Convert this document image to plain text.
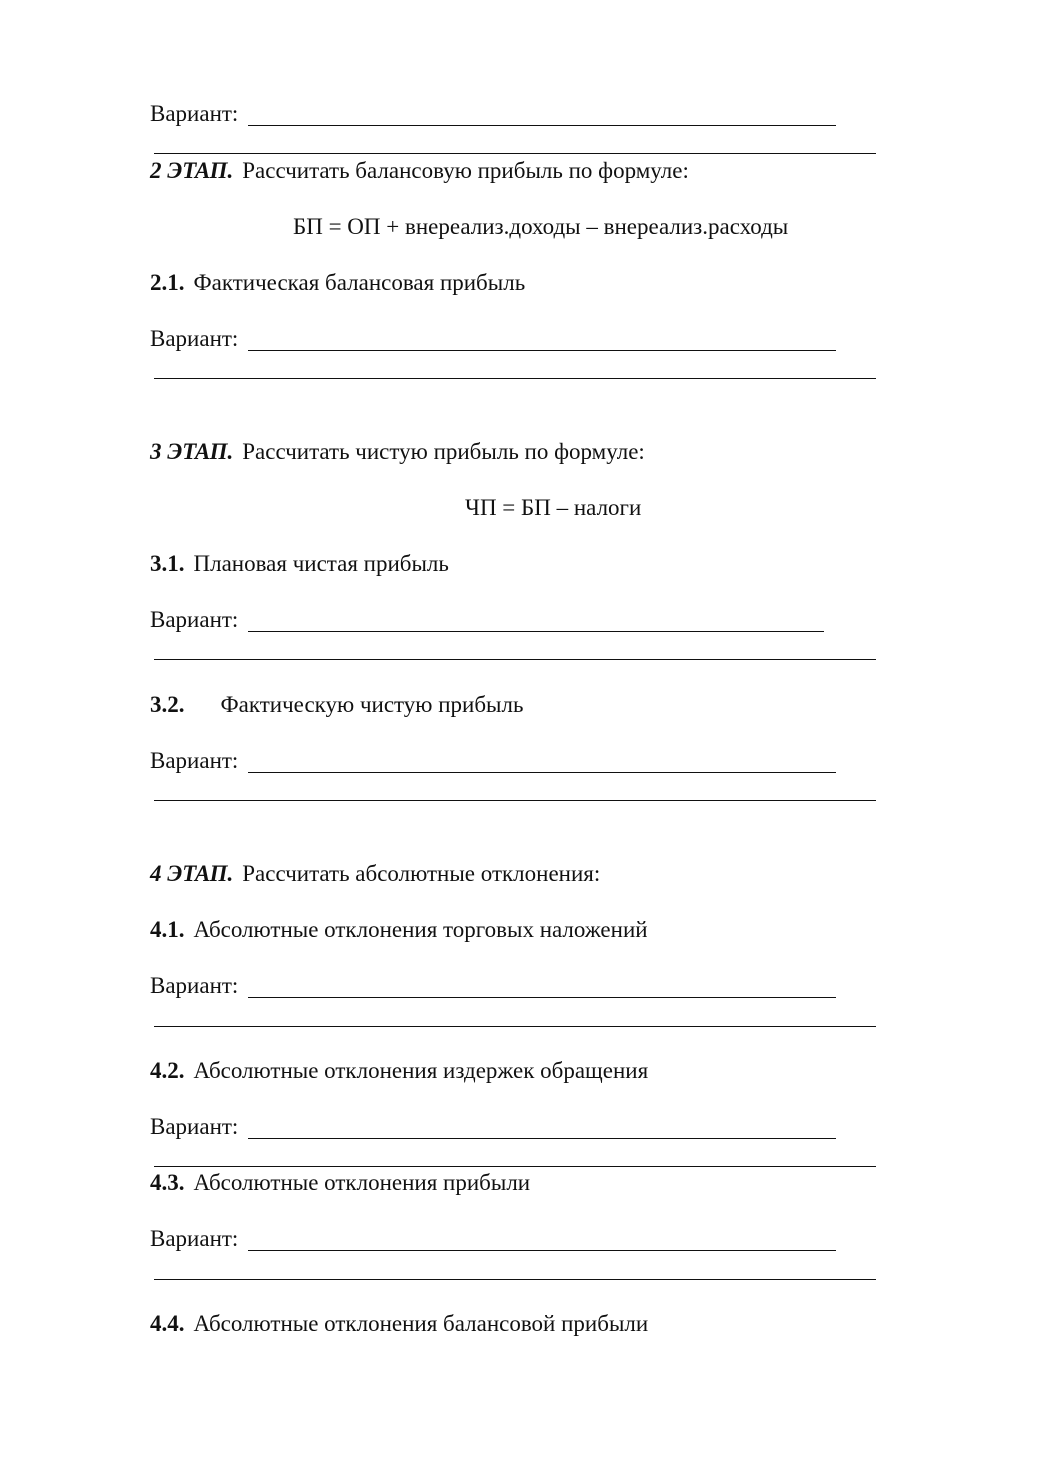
Вариант:
2 ЭТАП. Рассчитать балансовую прибыль по формуле:
БП = ОП + внереализ.доходы – внереализ.расходы
2.1. Фактическая балансовая прибыль
Вариант:
3 ЭТАП. Рассчитать чистую прибыль по формуле:
ЧП = БП – налоги
3.1. Плановая чистая прибыль
Вариант:
3.2. Фактическую чистую прибыль
Вариант:
4 ЭТАП. Рассчитать абсолютные отклонения:
4.1. Абсолютные отклонения торговых наложений
Вариант:
4.2. Абсолютные отклонения издержек обращения
Вариант:
4.3. Абсолютные отклонения прибыли
Вариант:
4.4. Абсолютные отклонения балансовой прибыли
